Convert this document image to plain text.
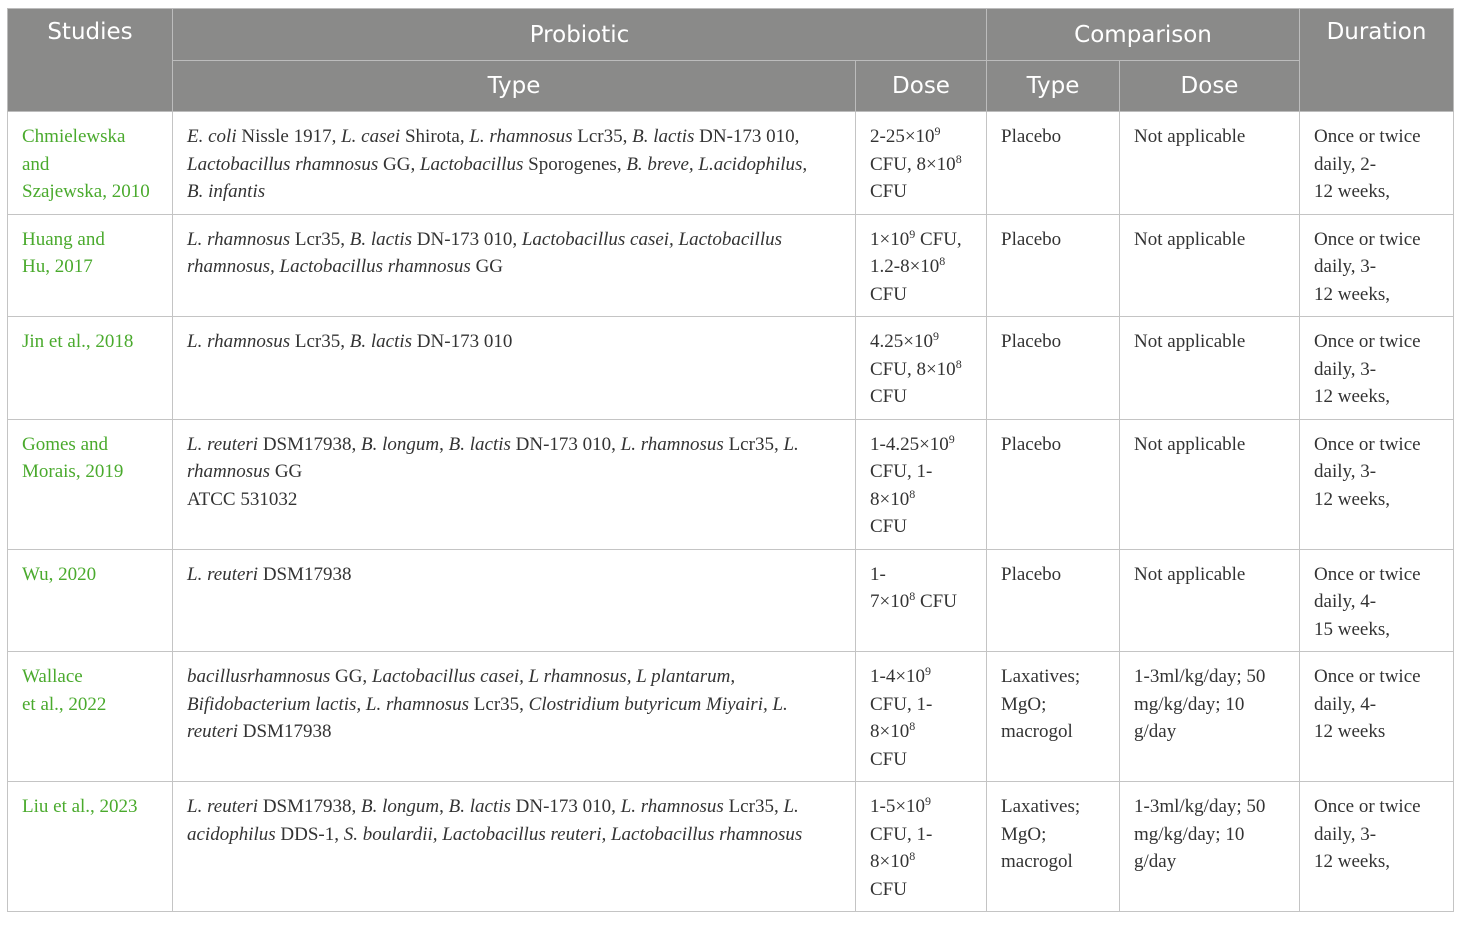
Studies	Probiotic		Comparison		Duration
	Type	Dose	Type	Dose	
Chmielewska
and
Szajewska, 2010	E. coli Nissle 1917, L. casei Shirota, L. rhamnosus Lcr35, B. lactis DN-173 010,
Lactobacillus rhamnosus GG, Lactobacillus Sporogenes, B. breve, L.acidophilus,
B. infantis	$2-25\times 10^9$
CFU, $8\times 10^8$
CFU	Placebo	Not applicable	Once or twice
daily, 2-
12 weeks,
Huang and
Hu, 2017	L. rhamnosus Lcr35, B. lactis DN-173 010, Lactobacillus casei, Lactobacillus
rhamnosus, Lactobacillus rhamnosus GG	$1\times 10^9$ CFU,
$1.2-8\times 10^8$
CFU	Placebo	Not applicable	Once or twice
daily, 3-
12 weeks,
Jin et al., 2018	L. rhamnosus Lcr35, B. lactis DN-173 010	$4.25\times 10^9$
CFU, $8\times 10^8$
CFU	Placebo	Not applicable	Once or twice
daily, 3-
12 weeks,
Gomes and
Morais, 2019	L. reuteri DSM17938, B. longum, B. lactis DN-173 010, L. rhamnosus Lcr35, L.
rhamnosus GG
ATCC 531032	$1-4.25\times 10^9$
CFU, 1-
$8\times 10^8$
CFU	Placebo	Not applicable	Once or twice
daily, 3-
12 weeks,
Wu, 2020	L. reuteri DSM17938	1-
$7\times 10^8$ CFU	Placebo	Not applicable	Once or twice
daily, 4-
15 weeks,
Wallace
et al., 2022	bacillusrhamnosus GG, Lactobacillus casei, L rhamnosus, L plantarum,
Bifidobacterium lactis, L. rhamnosus Lcr35, Clostridium butyricum Miyairi, L.
reuteri DSM17938	$1-4\times 10^9$
CFU, 1-
$8\times 10^8$
CFU	Laxatives;
MgO;
macrogol	1-3ml/kg/day; 50
mg/kg/day; 10
g/day	Once or twice
daily, 4-
12 weeks
Liu et al., 2023	L. reuteri DSM17938, B. longum, B. lactis DN-173 010, L. rhamnosus Lcr35, L.
acidophilus DDS-1, S. boulardii, Lactobacillus reuteri, Lactobacillus rhamnosus	$1-5\times 10^9$
CFU, 1-
$8\times 10^8$
CFU	Laxatives;
MgO;
macrogol	1-3ml/kg/day; 50
mg/kg/day; 10
g/day	Once or twice
daily, 3-
12 weeks,
